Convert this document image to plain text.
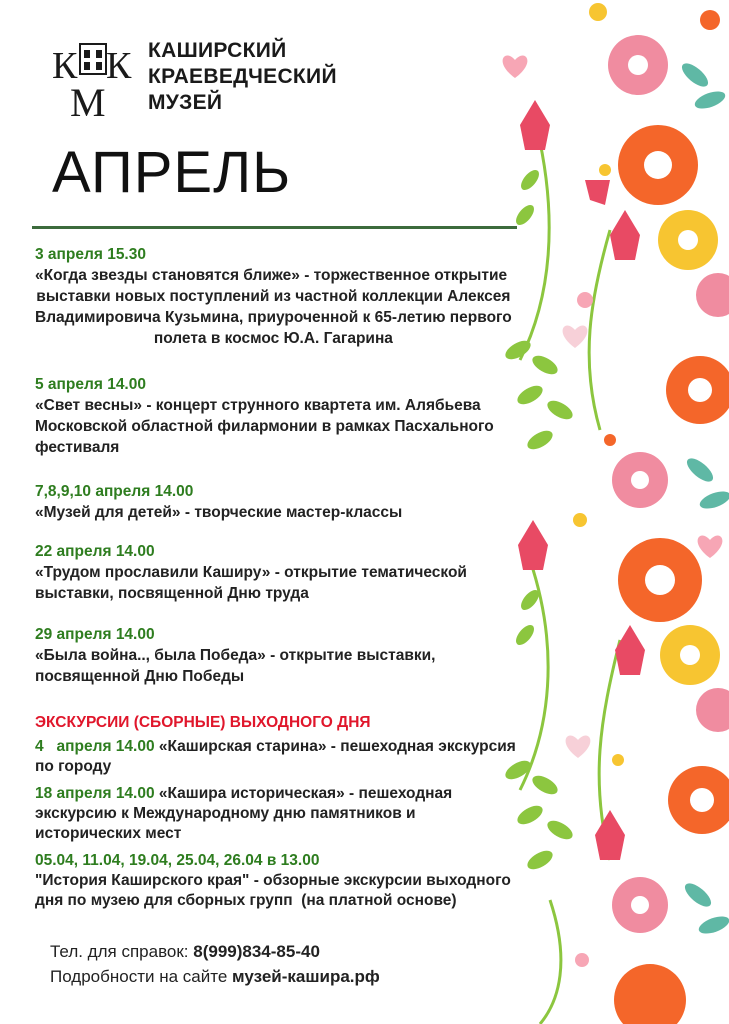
К К
М
КАШИРСКИЙ
КРАЕВЕДЧЕСКИЙ
МУЗЕЙ
АПРЕЛЬ
3 апреля 15.30
«Когда звезды становятся ближе» - торжественное открытие
выставки новых поступлений из частной коллекции Алексея
Владимировича Кузьмина, приуроченной к 65-летию первого
полета в космос Ю.А. Гагарина
5 апреля 14.00
«Свет весны» - концерт струнного квартета им. Алябьева
Московской областной филармонии в рамках Пасхального
фестиваля
7,8,9,10 апреля 14.00
«Музей для детей» - творческие мастер-классы
22 апреля 14.00
«Трудом прославили Каширу» - открытие тематической
выставки, посвященной Дню труда
29 апреля 14.00
«Была война.., была Победа» - открытие выставки,
посвященной Дню Победы
ЭКСКУРСИИ (СБОРНЫЕ) ВЫХОДНОГО ДНЯ
4   апреля 14.00 «Каширская старина» - пешеходная экскурсия
по городу
18 апреля 14.00 «Кашира историческая» - пешеходная
экскурсию к Международному дню памятников и
исторических мест
05.04, 11.04, 19.04, 25.04, 26.04 в 13.00
"История Каширского края" - обзорные экскурсии выходного
дня по музею для сборных групп  (на платной основе)
Тел. для справок: 8(999)834-85-40
Подробности на сайте музей-кашира.рф
